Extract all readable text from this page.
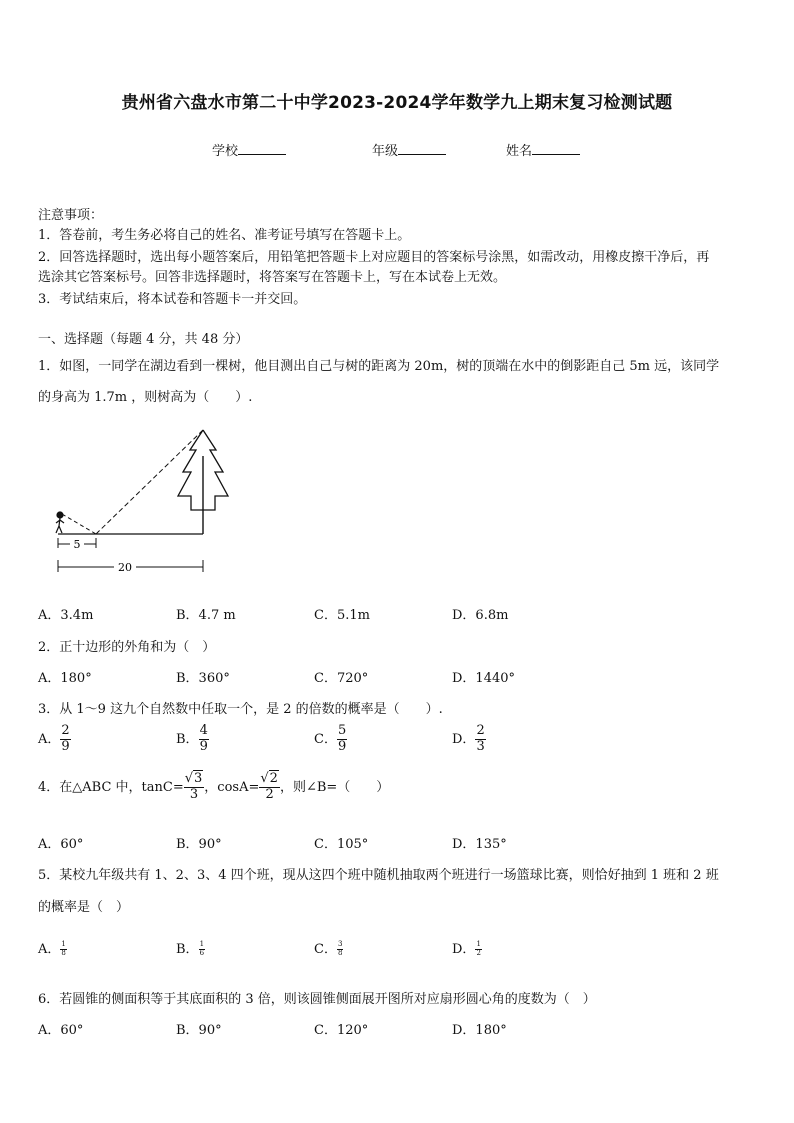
贵州省六盘水市第二十中学2023-2024学年数学九上期末复习检测试题
学校	年级	姓名
注意事项：
1．答卷前，考生务必将自己的姓名、准考证号填写在答题卡上。
2．回答选择题时，选出每小题答案后，用铅笔把答题卡上对应题目的答案标号涂黑，如需改动，用橡皮擦干净后，再
选涂其它答案标号。回答非选择题时，将答案写在答题卡上，写在本试卷上无效。
3．考试结束后，将本试卷和答题卡一并交回。
一、选择题（每题 4 分，共 48 分）
1．如图，一同学在湖边看到一棵树，他目测出自己与树的距离为 20m，树的顶端在水中的倒影距自己 5m 远，该同学
的身高为 1.7m ，则树高为（　　）.
5
20
A．3.4m	B．4.7 m	C．5.1m	D．6.8m
2．正十边形的外角和为（　）
A．180°	B．360°	C．720°	D．1440°
3．从 1～9 这九个自然数中任取一个，是 2 的倍数的概率是（　　）.
A． $\frac{2}{9}$	B． $\frac{4}{9}$	C． $\frac{5}{9}$	D． $\frac{2}{3}$
4．在△ABC 中，$\tan C= \frac{√3}{3}$ ，$\cos A= \frac{√2}{2}$ ，则∠B=（　　）
A．60°	B．90°	C．105°	D．135°
5．某校九年级共有 1、2、3、4 四个班，现从这四个班中随机抽取两个班进行一场篮球比赛，则恰好抽到 1 班和 2 班
的概率是（　）
A． $\frac{1}{8}$	B． $\frac{1}{6}$	C． $\frac{3}{8}$	D． $\frac{1}{2}$
6．若圆锥的侧面积等于其底面积的 3 倍，则该圆锥侧面展开图所对应扇形圆心角的度数为（　）
A．60°	B．90°	C．120°	D．180°
